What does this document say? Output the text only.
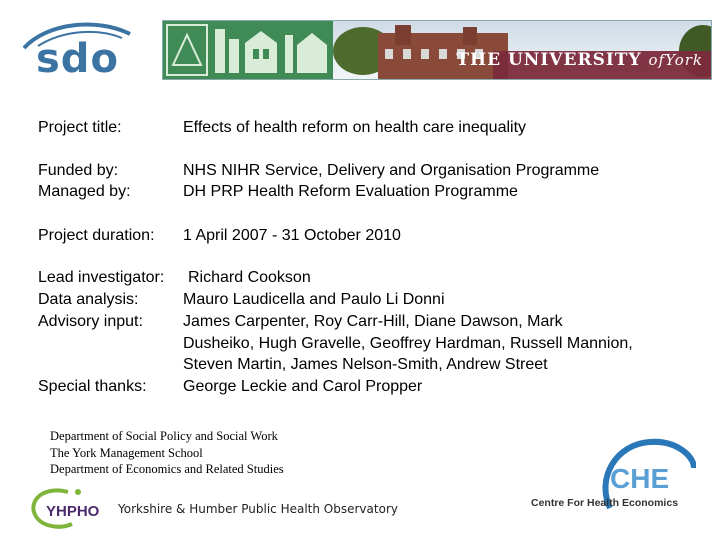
sdo	THE UNIVERSITY ofYork
Project title:	Effects of health reform on health care inequality
Funded by:	NHS NIHR Service, Delivery and Organisation Programme
Managed by:	DH PRP Health Reform Evaluation Programme
Project duration: 1 April 2007 - 31 October 2010
Lead investigator: Richard Cookson
Data analysis:	Mauro Laudicella and Paulo Li Donni
Advisory input:	James Carpenter, Roy Carr-Hill, Diane Dawson, Mark
Dusheiko, Hugh Gravelle, Geoffrey Hardman, Russell Mannion,
Steven Martin, James Nelson-Smith, Andrew Street
Special thanks: George Leckie and Carol Propper
Department of Social Policy and Social Work
The York Management School
Department of Economics and Related Studies
YHPHO Yorkshire & Humber Public Health Observatory
CHE
Centre For Health Economics
